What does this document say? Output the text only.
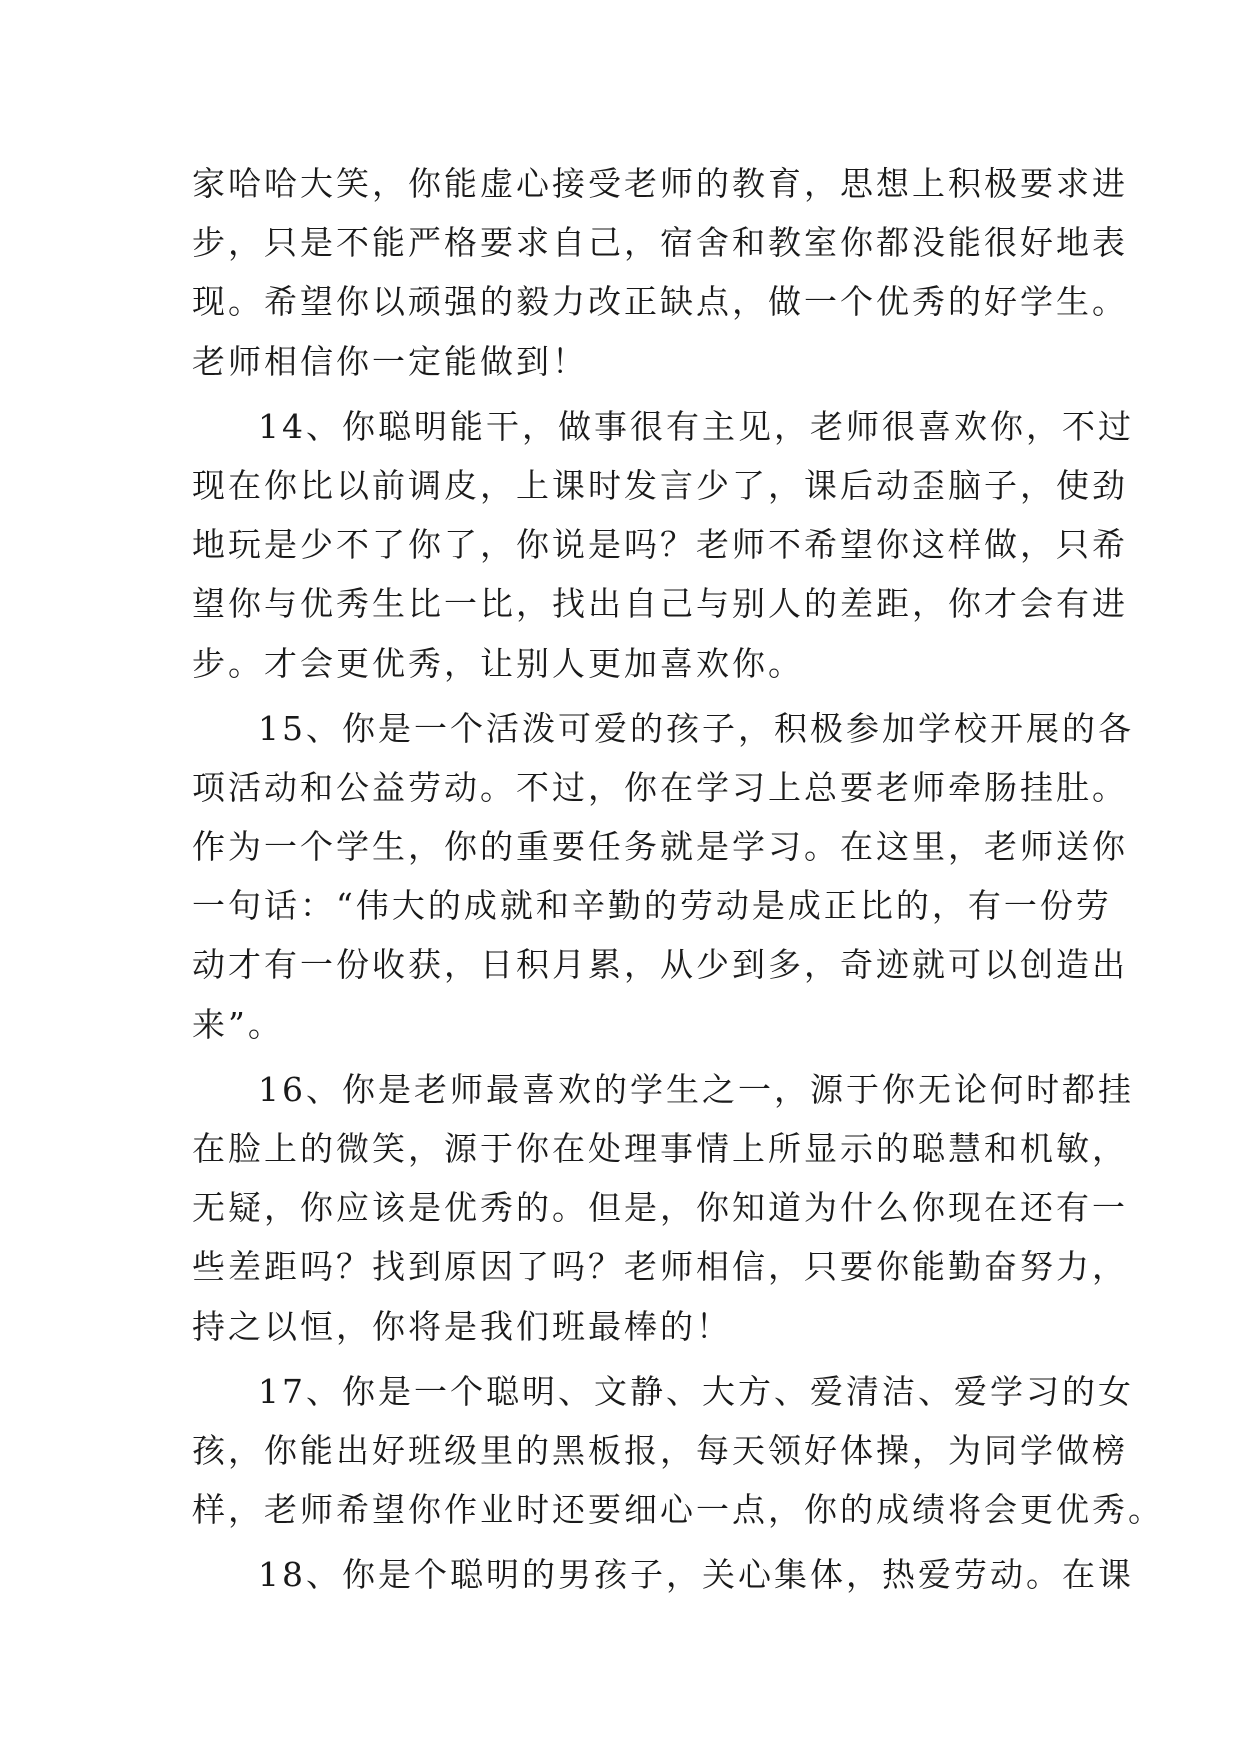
家哈哈大笑，你能虚心接受老师的教育，思想上积极要求进
步，只是不能严格要求自己，宿舍和教室你都没能很好地表
现。希望你以顽强的毅力改正缺点，做一个优秀的好学生。
老师相信你一定能做到！
14、你聪明能干，做事很有主见，老师很喜欢你，不过
现在你比以前调皮，上课时发言少了，课后动歪脑子，使劲
地玩是少不了你了，你说是吗？老师不希望你这样做，只希
望你与优秀生比一比，找出自己与别人的差距，你才会有进
步。才会更优秀，让别人更加喜欢你。
15、你是一个活泼可爱的孩子，积极参加学校开展的各
项活动和公益劳动。不过，你在学习上总要老师牵肠挂肚。
作为一个学生，你的重要任务就是学习。在这里，老师送你
一句话：“伟大的成就和辛勤的劳动是成正比的，有一份劳
动才有一份收获，日积月累，从少到多，奇迹就可以创造出
来”。
16、你是老师最喜欢的学生之一，源于你无论何时都挂
在脸上的微笑，源于你在处理事情上所显示的聪慧和机敏，
无疑，你应该是优秀的。但是，你知道为什么你现在还有一
些差距吗？找到原因了吗？老师相信，只要你能勤奋努力，
持之以恒，你将是我们班最棒的！
17、你是一个聪明、文静、大方、爱清洁、爱学习的女
孩，你能出好班级里的黑板报，每天领好体操，为同学做榜
样，老师希望你作业时还要细心一点，你的成绩将会更优秀。
18、你是个聪明的男孩子，关心集体，热爱劳动。在课
